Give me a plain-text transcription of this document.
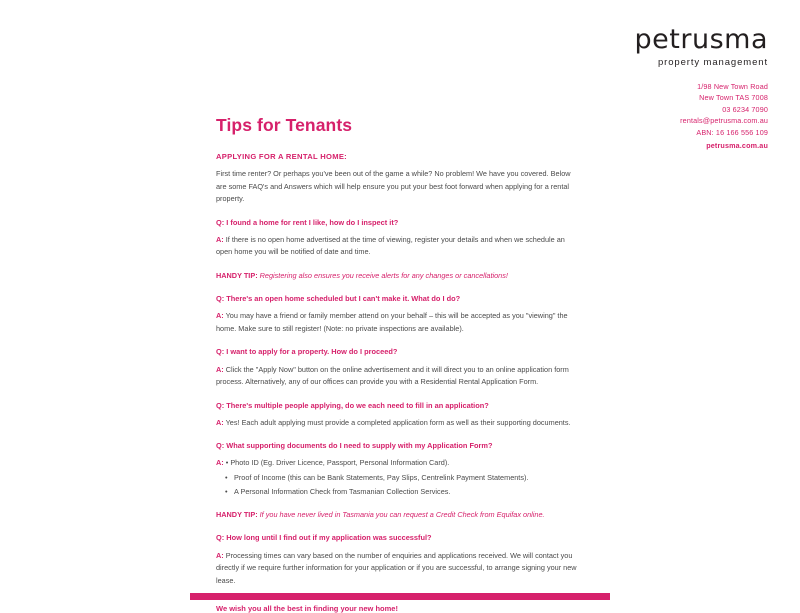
petrusma
property management
1/98 New Town Road
New Town TAS 7008
03 6234 7090
rentals@petrusma.com.au
ABN: 16 166 556 109
petrusma.com.au
Tips for Tenants
APPLYING FOR A RENTAL HOME:

First time renter? Or perhaps you've been out of the game a while? No problem! We have you covered. Below are some FAQ's and Answers which will help ensure you put your best foot forward when applying for a rental property.

Q: I found a home for rent I like, how do I inspect it?

A: If there is no open home advertised at the time of viewing, register your details and when we schedule an open home you will be notified of date and time.

HANDY TIP: Registering also ensures you receive alerts for any changes or cancellations!

Q: There's an open home scheduled but I can't make it. What do I do?

A: You may have a friend or family member attend on your behalf – this will be accepted as you "viewing" the home. Make sure to still register! (Note: no private inspections are available).

Q: I want to apply for a property. How do I proceed?

A: Click the "Apply Now" button on the online advertisement and it will direct you to an online application form process. Alternatively, any of our offices can provide you with a Residential Rental Application Form.

Q: There's multiple people applying, do we each need to fill in an application?

A: Yes! Each adult applying must provide a completed application form as well as their supporting documents.

Q: What supporting documents do I need to supply with my Application Form?

A: • Photo ID (Eg. Driver Licence, Passport, Personal Information Card).

• Proof of Income (this can be Bank Statements, Pay Slips, Centrelink Payment Statements).
• A Personal Information Check from Tasmanian Collection Services.

HANDY TIP: If you have never lived in Tasmania you can request a Credit Check from Equifax online.

Q: How long until I find out if my application was successful?

A: Processing times can vary based on the number of enquiries and applications received. We will contact you directly if we require further information for your application or if you are successful, to arrange signing your new lease.

We wish you all the best in finding your new home!
